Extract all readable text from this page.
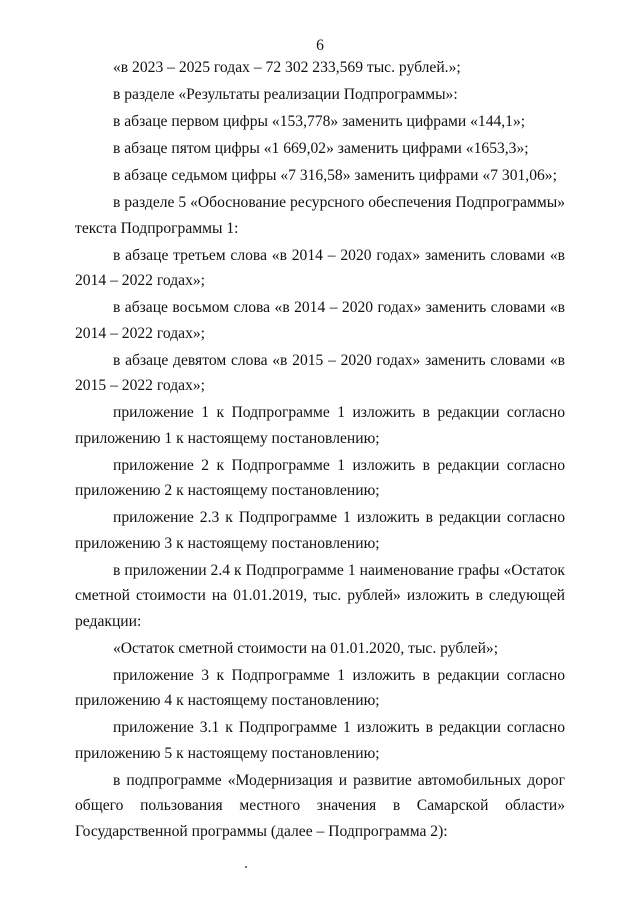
6

«в 2023 – 2025 годах – 72 302 233,569 тыс. рублей.»;

в разделе «Результаты реализации Подпрограммы»:

в абзаце первом цифры «153,778» заменить цифрами «144,1»;

в абзаце пятом цифры «1 669,02» заменить цифрами «1653,3»;

в абзаце седьмом цифры «7 316,58» заменить цифрами «7 301,06»;

в разделе 5 «Обоснование ресурсного обеспечения Подпрограммы» текста Подпрограммы 1:

в абзаце третьем слова «в 2014 – 2020 годах» заменить словами «в 2014 – 2022 годах»;

в абзаце восьмом слова «в 2014 – 2020 годах» заменить словами «в 2014 – 2022 годах»;

в абзаце девятом слова «в 2015 – 2020 годах» заменить словами «в 2015 – 2022 годах»;

приложение 1 к Подпрограмме 1 изложить в редакции согласно приложению 1 к настоящему постановлению;

приложение 2 к Подпрограмме 1 изложить в редакции согласно приложению 2 к настоящему постановлению;

приложение 2.3 к Подпрограмме 1 изложить в редакции согласно приложению 3 к настоящему постановлению;

в приложении 2.4 к Подпрограмме 1 наименование графы «Остаток сметной стоимости на 01.01.2019, тыс. рублей» изложить в следующей редакции:

«Остаток сметной стоимости на 01.01.2020, тыс. рублей»;

приложение 3 к Подпрограмме 1 изложить в редакции согласно приложению 4 к настоящему постановлению;

приложение 3.1 к Подпрограмме 1 изложить в редакции согласно приложению 5 к настоящему постановлению;

в подпрограмме «Модернизация и развитие автомобильных дорог общего пользования местного значения в Самарской области» Государственной программы (далее – Подпрограмма 2):
